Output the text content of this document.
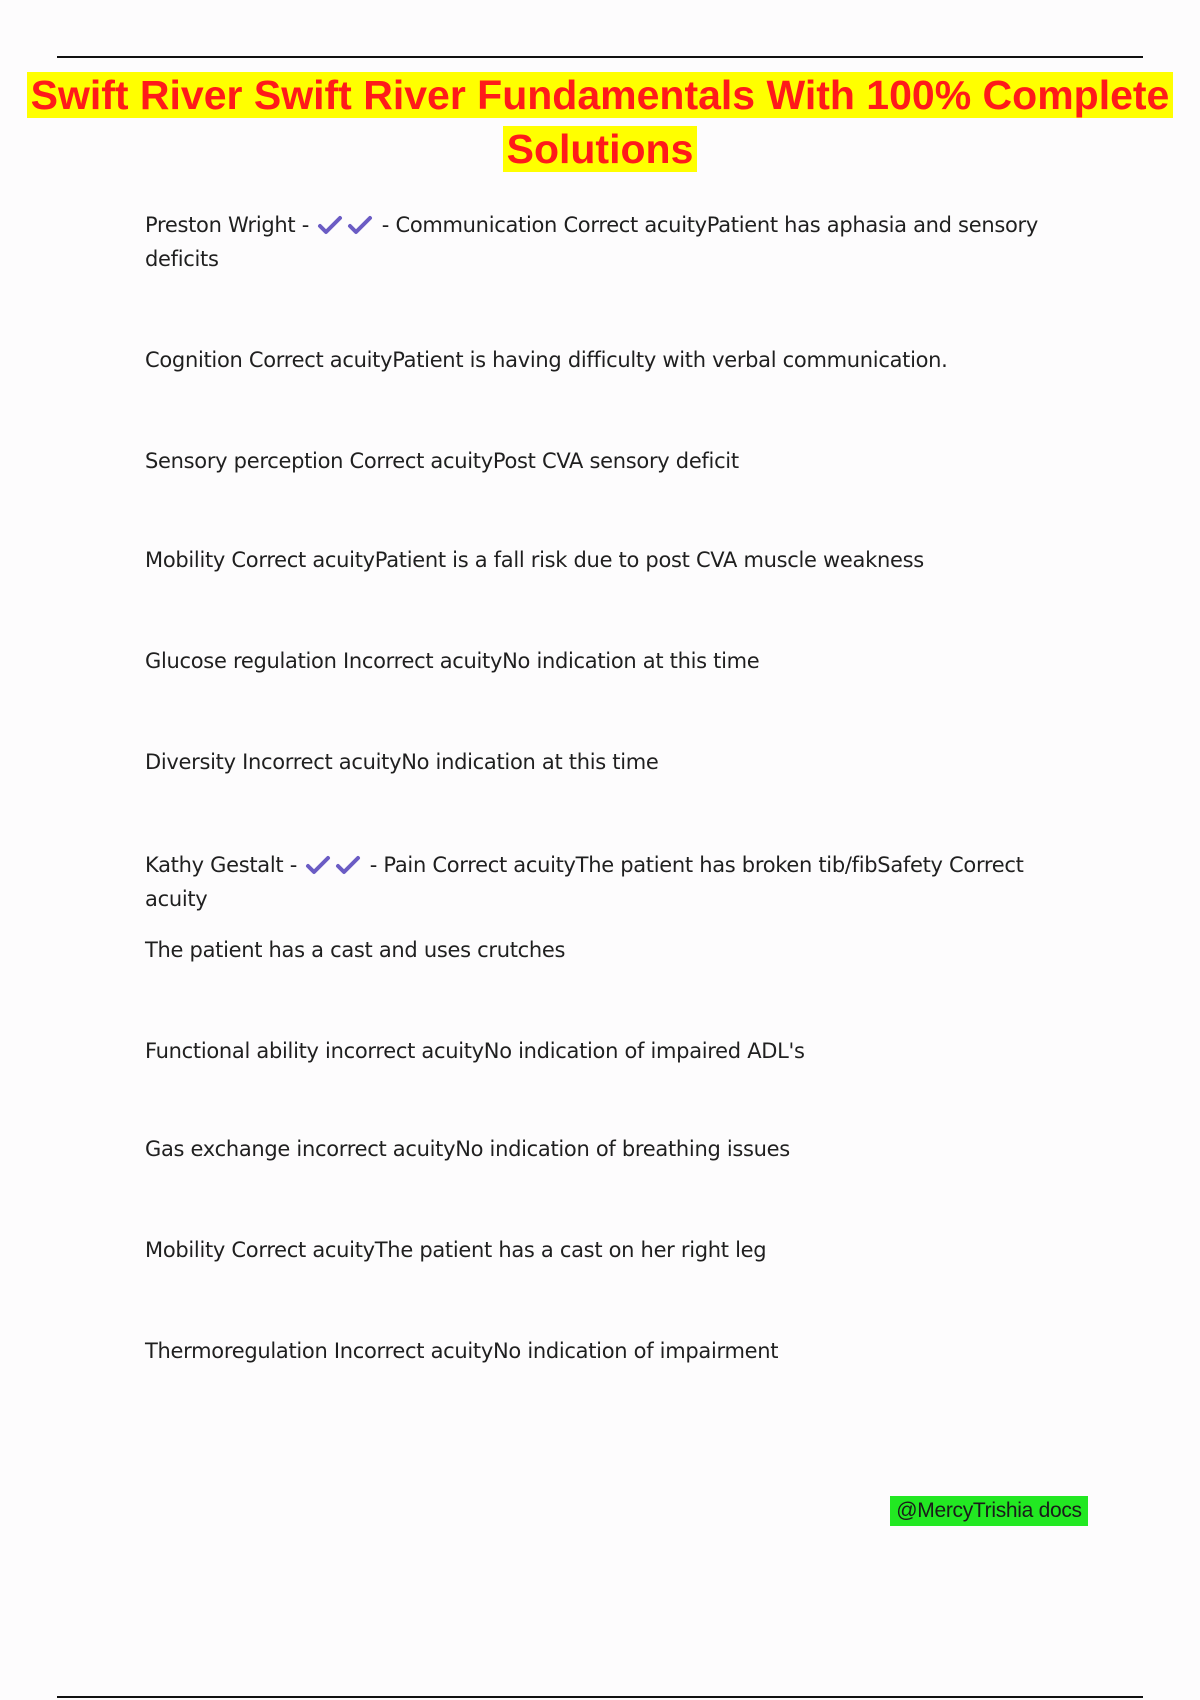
Swift River Swift River Fundamentals With 100% Complete Solutions
Preston Wright -	- Communication Correct acuityPatient has aphasia and sensory deficits
Cognition Correct acuityPatient is having difficulty with verbal communication.
Sensory perception Correct acuityPost CVA sensory deficit
Mobility Correct acuityPatient is a fall risk due to post CVA muscle weakness
Glucose regulation Incorrect acuityNo indication at this time
Diversity Incorrect acuityNo indication at this time
Kathy Gestalt -	- Pain Correct acuityThe patient has broken tib/fibSafety Correct acuity
The patient has a cast and uses crutches
Functional ability incorrect acuityNo indication of impaired ADL's
Gas exchange incorrect acuityNo indication of breathing issues
Mobility Correct acuityThe patient has a cast on her right leg
Thermoregulation Incorrect acuityNo indication of impairment
@MercyTrishia docs
